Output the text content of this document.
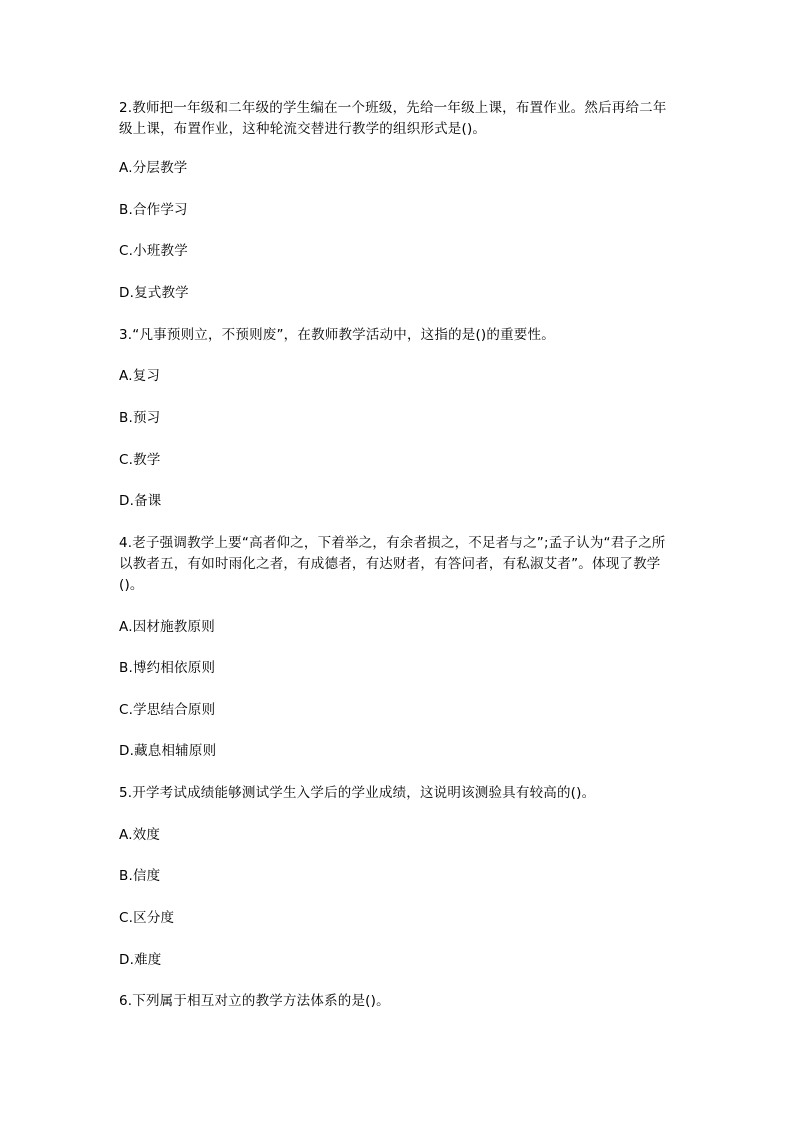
2.教师把一年级和二年级的学生编在一个班级，先给一年级上课，布置作业。然后再给二年级上课，布置作业，这种轮流交替进行教学的组织形式是()。
A.分层教学
B.合作学习
C.小班教学
D.复式教学
3.“凡事预则立，不预则废”，在教师教学活动中，这指的是()的重要性。
A.复习
B.预习
C.教学
D.备课
4.老子强调教学上要“高者仰之，下着举之，有余者损之，不足者与之”;孟子认为“君子之所以教者五，有如时雨化之者，有成德者，有达财者，有答问者，有私淑艾者”。体现了教学()。
A.因材施教原则
B.博约相依原则
C.学思结合原则
D.藏息相辅原则
5.开学考试成绩能够测试学生入学后的学业成绩，这说明该测验具有较高的()。
A.效度
B.信度
C.区分度
D.难度
6.下列属于相互对立的教学方法体系的是()。
